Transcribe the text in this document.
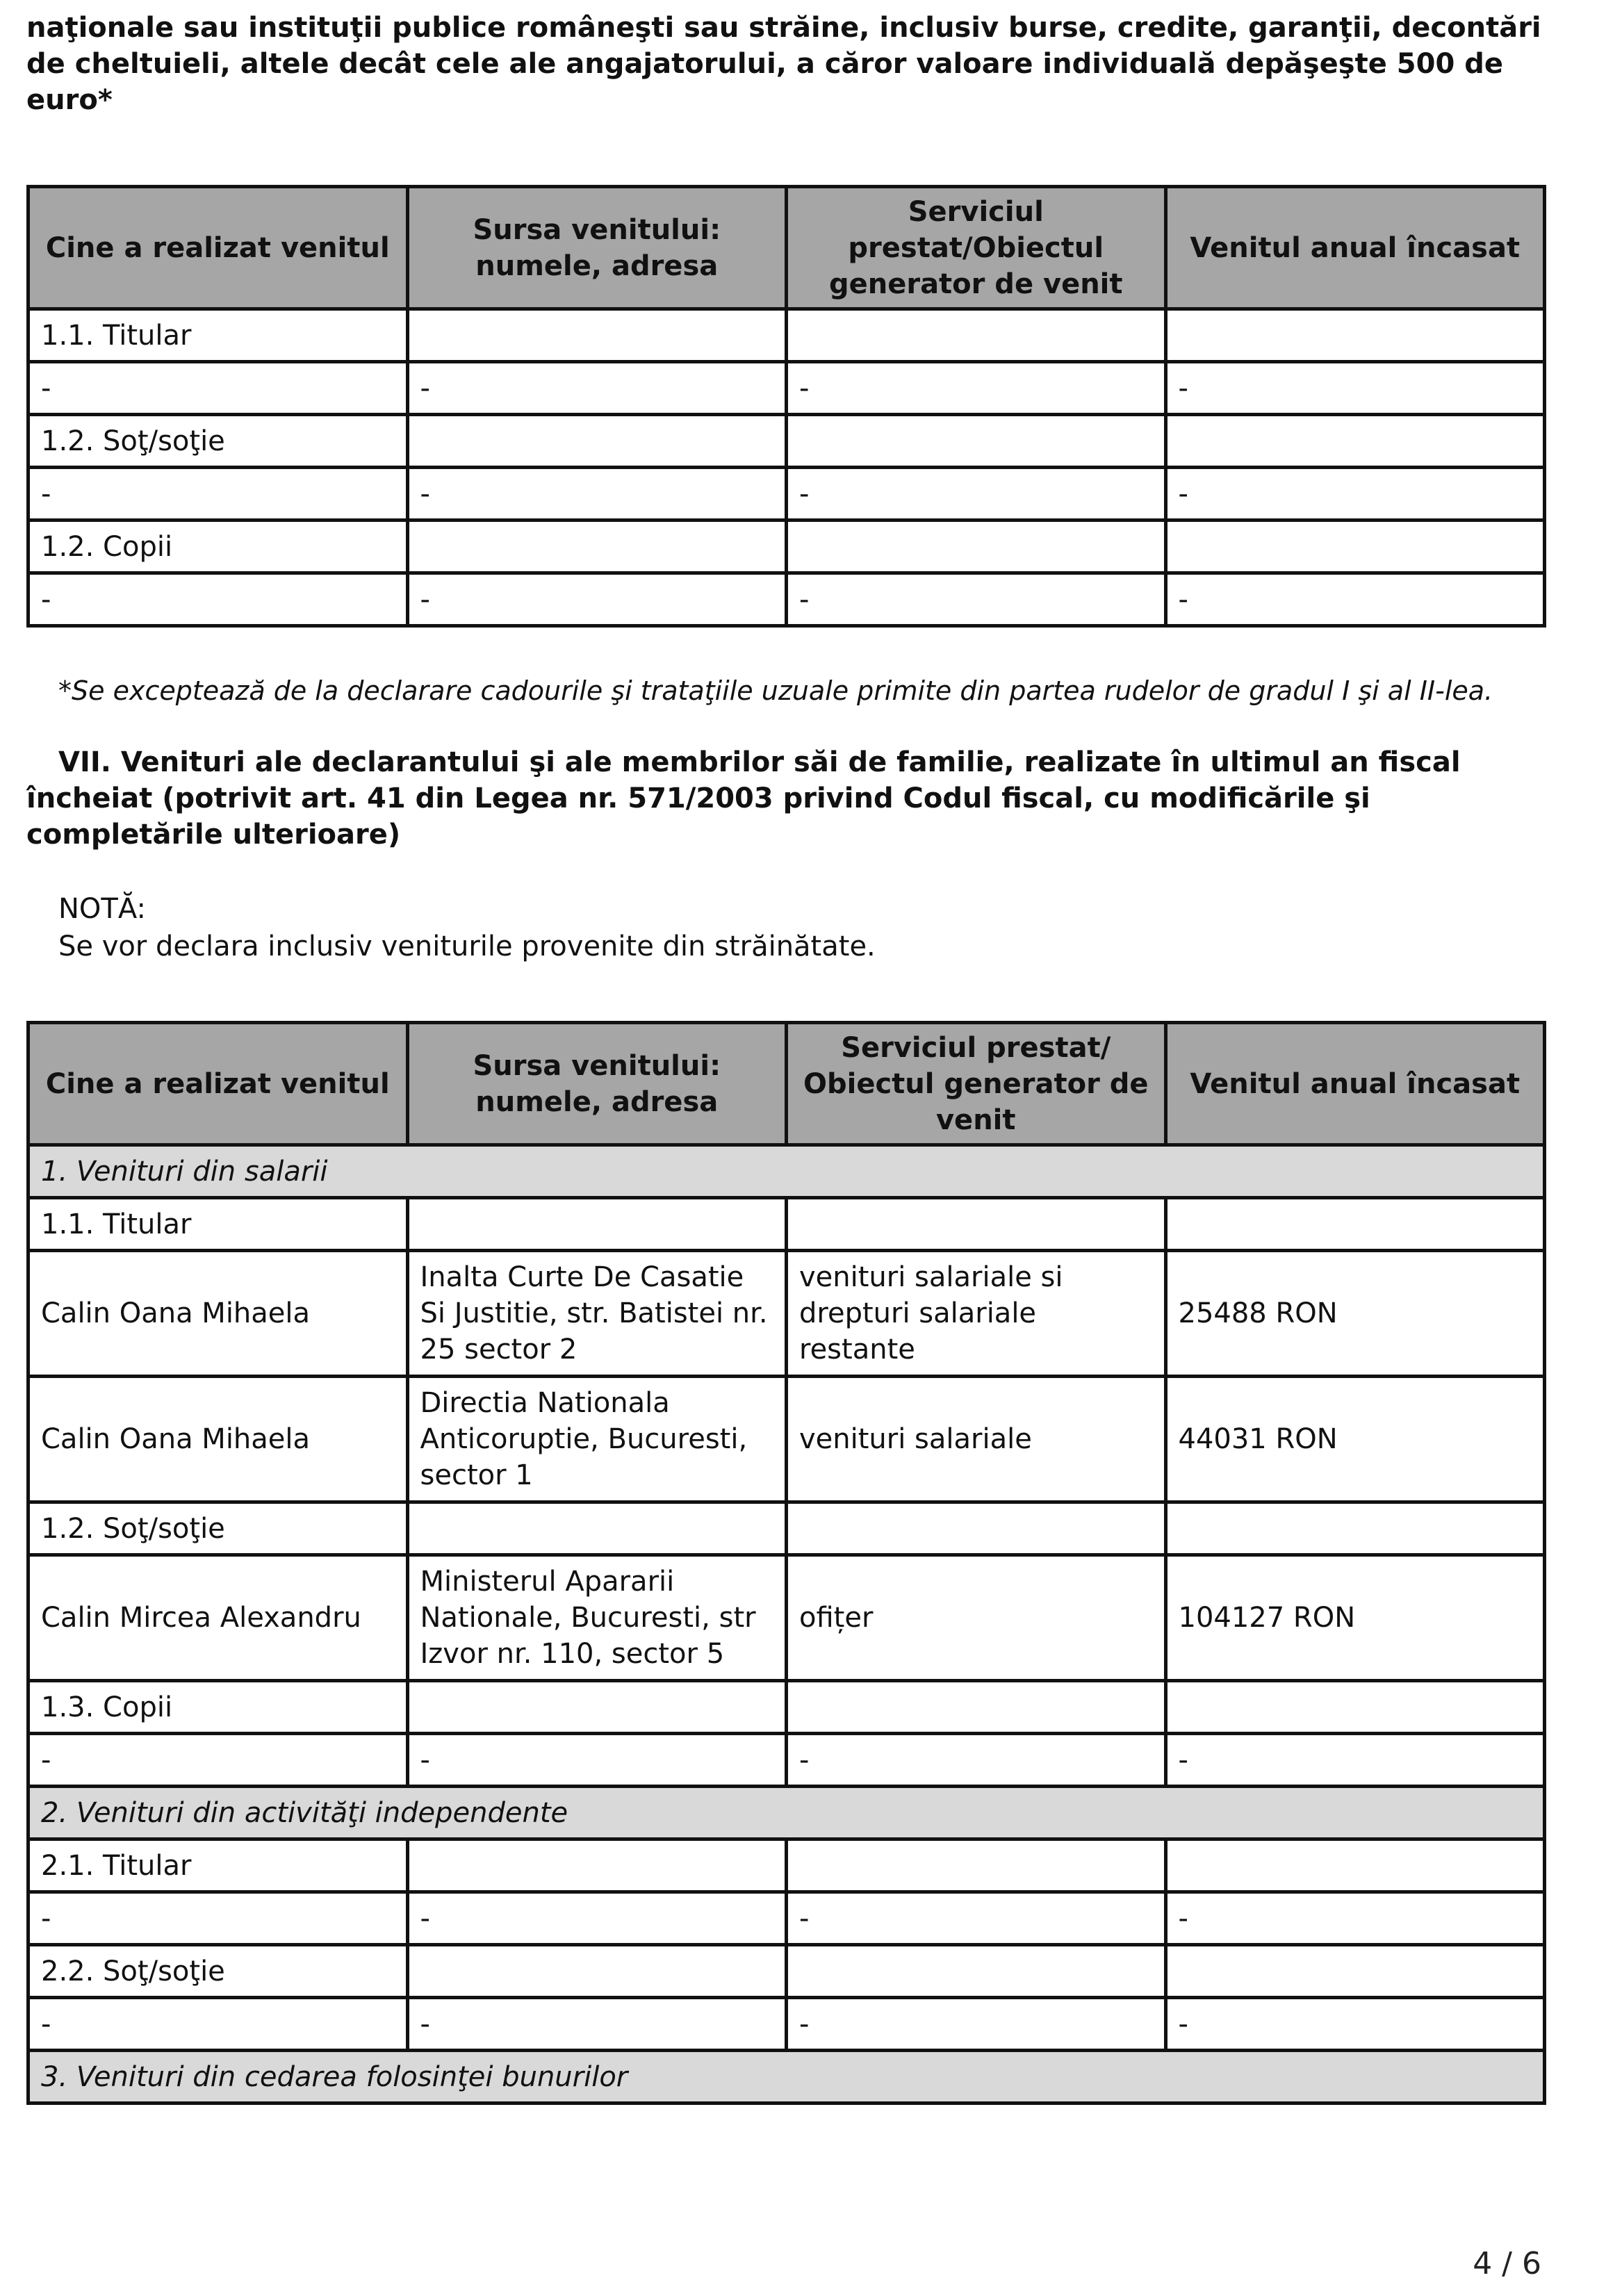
naţionale sau instituţii publice româneşti sau străine, inclusiv burse, credite, garanţii, decontări de cheltuieli, altele decât cele ale angajatorului, a căror valoare individuală depăşeşte 500 de euro*

Cine a realizat venitul	Sursa venitului: numele, adresa	Serviciul prestat/Obiectul generator de venit	Venitul anual încasat
1.1. Titular			
-	-	-	-
1.2. Soţ/soţie			
-	-	-	-
1.2. Copii			
-	-	-	-

*Se exceptează de la declarare cadourile şi trataţiile uzuale primite din partea rudelor de gradul I şi al II-lea.

VII. Venituri ale declarantului şi ale membrilor săi de familie, realizate în ultimul an fiscal încheiat (potrivit art. 41 din Legea nr. 571/2003 privind Codul fiscal, cu modificările şi completările ulterioare)

NOTĂ:
Se vor declara inclusiv veniturile provenite din străinătate.
Cine a realizat venitul	Sursa venitului: numele, adresa	Serviciul prestat/ Obiectul generator de venit	Venitul anual încasat
1. Venituri din salarii			
1.1. Titular			
Calin Oana Mihaela	Inalta Curte De Casatie Si Justitie, str. Batistei nr. 25 sector 2	venituri salariale si drepturi salariale restante	25488 RON
Calin Oana Mihaela	Directia Nationala Anticoruptie, Bucuresti, sector 1	venituri salariale	44031 RON
1.2. Soţ/soţie			
Calin Mircea Alexandru	Ministerul Apararii Nationale, Bucuresti, str Izvor nr. 110, sector 5	ofițer	104127 RON
1.3. Copii			
-	-	-	-
2. Venituri din activităţi independente			
2.1. Titular			
-	-	-	-
2.2. Soţ/soţie			
-	-	-	-
3. Venituri din cedarea folosinţei bunurilor			
4 / 6
